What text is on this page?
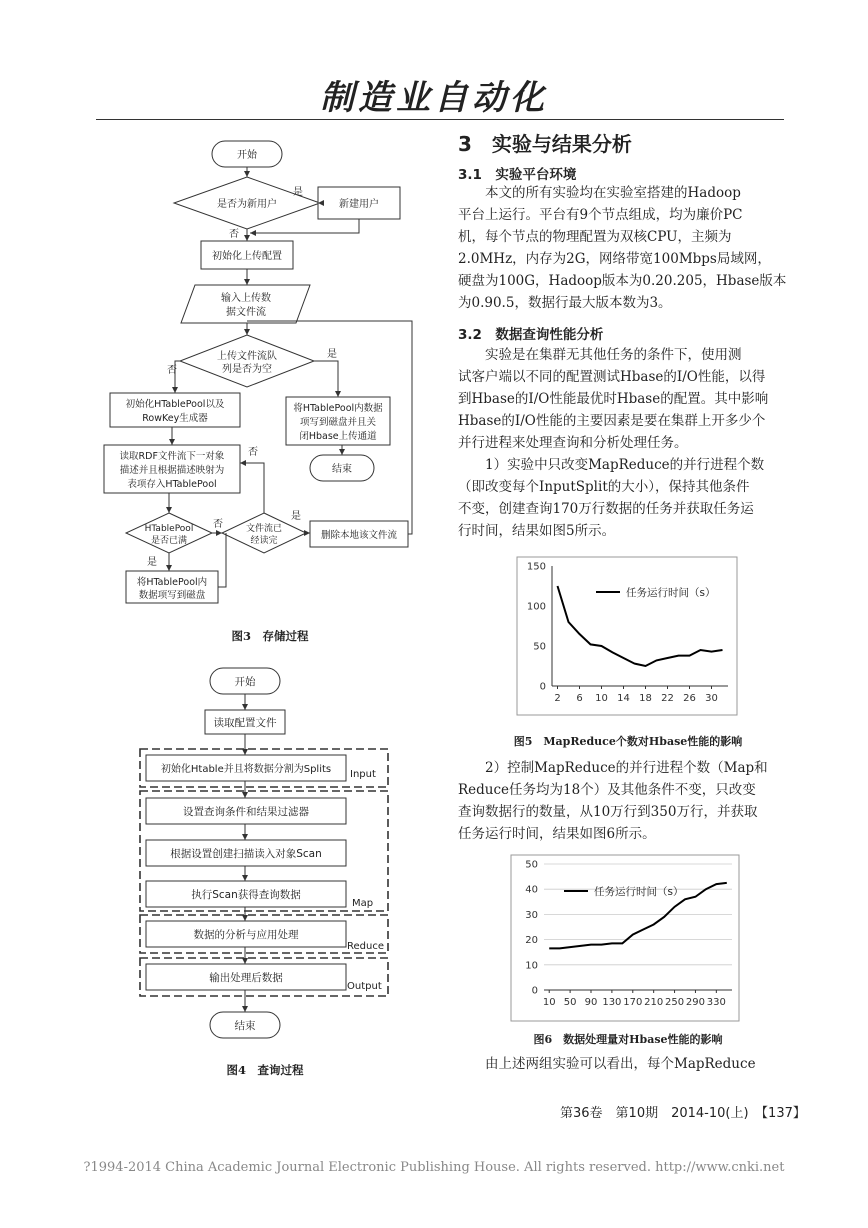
制造业自动化
开始
是否为新用户	新建用户
初始化上传配置
输入上传数
据文件流
上传文件流队
列是否为空
初始化HTablePool以及
RowKey生成器
将HTablePool内数据
项写到磁盘并且关
闭Hbase上传通道
结束
读取RDF文件流下一对象
描述并且根据描述映射为
表项存入HTablePool
HTablePool
是否已满
文件流已
经读完	删除本地该文件流
将HTablePool内
数据项写到磁盘
是
否
否
是
否
否
是
是
图3　存储过程
开始
读取配置文件
初始化Htable并且将数据分割为Splits
设置查询条件和结果过滤器
根据设置创建扫描读入对象Scan
执行Scan获得查询数据
数据的分析与应用处理
输出处理后数据
结束
Input
Map
Reduce
Output
图4　查询过程
3　实验与结果分析
3.1　实验平台环境
　　本文的所有实验均在实验室搭建的Hadoop
平台上运行。平台有9个节点组成，均为廉价PC
机，每个节点的物理配置为双核CPU，主频为
2.0MHz，内存为2G，网络带宽100Mbps局域网，
硬盘为100G，Hadoop版本为0.20.205，Hbase版本
为0.90.5，数据行最大版本数为3。
3.2　数据查询性能分析
　　实验是在集群无其他任务的条件下，使用测
试客户端以不同的配置测试Hbase的I/O性能，以得
到Hbase的I/O性能最优时Hbase的配置。其中影响
Hbase的I/O性能的主要因素是要在集群上开多少个
并行进程来处理查询和分析处理任务。
　　1）实验中只改变MapReduce的并行进程个数
（即改变每个InputSplit的大小），保持其他条件
不变，创建查询170万行数据的任务并获取任务运
行时间，结果如图5所示。
0
50
100
150
2 6 10 14 18 22 26 30
任务运行时间（s）
图5　MapReduce个数对Hbase性能的影响
　　2）控制MapReduce的并行进程个数（Map和
Reduce任务均为18个）及其他条件不变，只改变
查询数据行的数量，从10万行到350万行，并获取
任务运行时间，结果如图6所示。
0
10
20
30
40
50
10 50 90 130 170 210 250 290 330
任务运行时间（s）
图6　数据处理量对Hbase性能的影响
　　由上述两组实验可以看出，每个MapReduce
第36卷　第10期　2014-10(上)　【137】
?1994-2014 China Academic Journal Electronic Publishing House. All rights reserved. http://www.cnki.net
